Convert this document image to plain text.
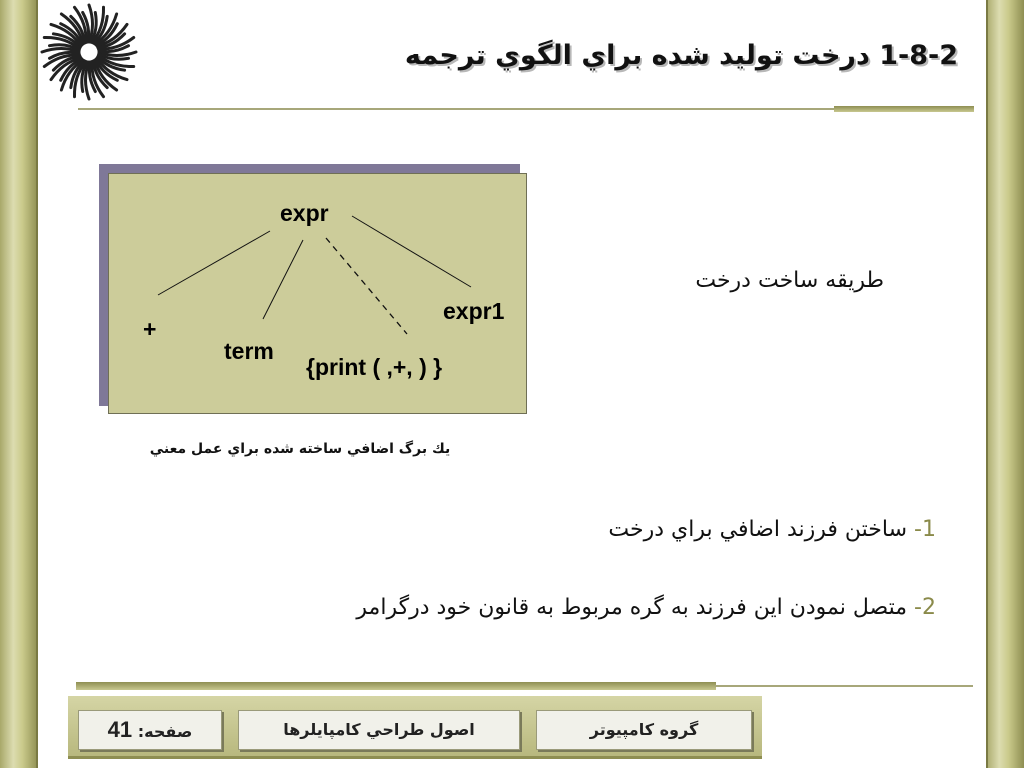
1-8-2 درخت توليد شده براي الگوي ترجمه
expr
+
term
{print ( ,+, ) }
expr1
يك برگ اضافي ساخته شده براي عمل معني
طريقه ساخت درخت
1- ساختن فرزند اضافي براي درخت
2- متصل نمودن اين فرزند به گره مربوط به قانون خود درگرامر
صفحه: 41	اصول طراحي كامپايلرها	گروه كامپيوتر
